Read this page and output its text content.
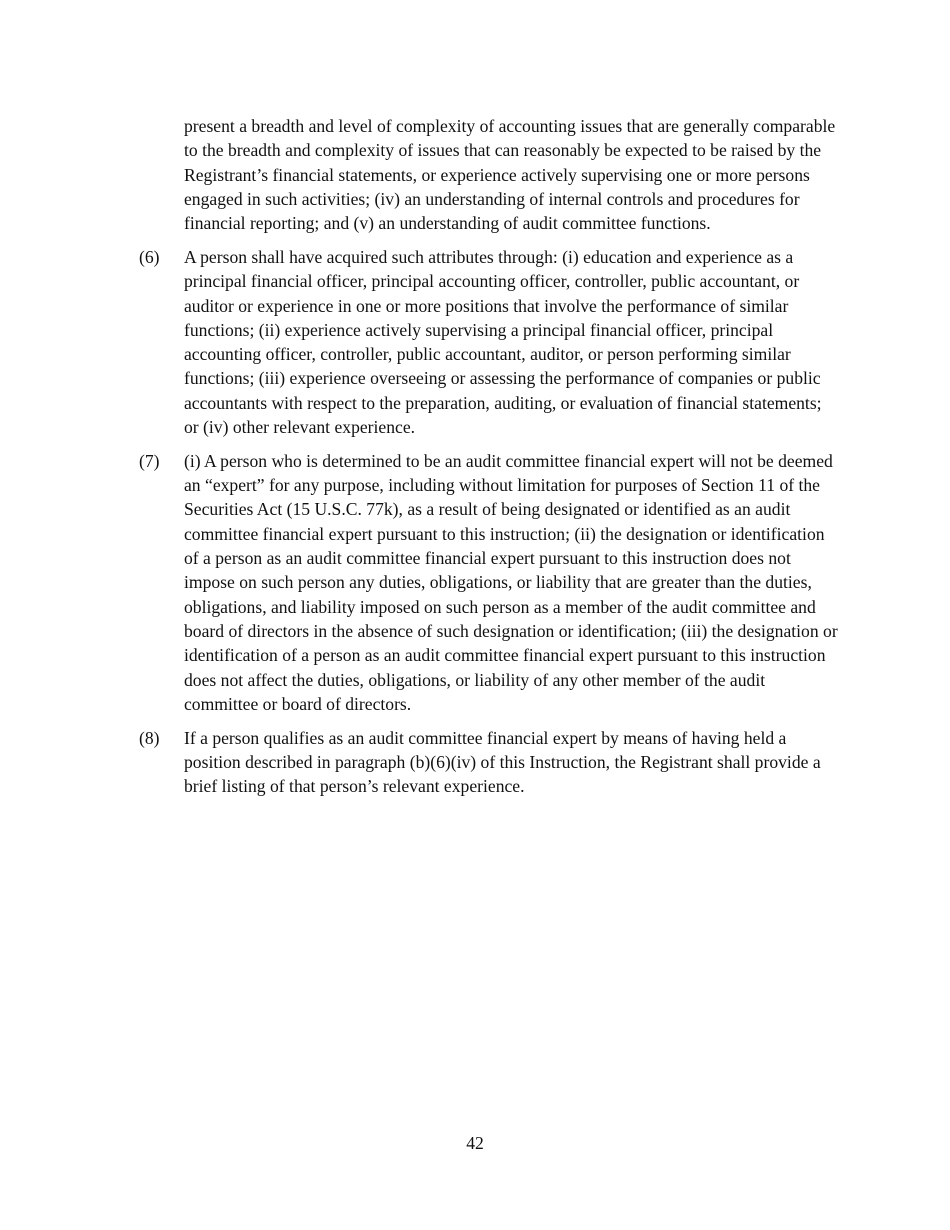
present a breadth and level of complexity of accounting issues that are generally comparable to the breadth and complexity of issues that can reasonably be expected to be raised by the Registrant’s financial statements, or experience actively supervising one or more persons engaged in such activities; (iv) an understanding of internal controls and procedures for financial reporting; and (v) an understanding of audit committee functions.
(6)	A person shall have acquired such attributes through: (i) education and experience as a principal financial officer, principal accounting officer, controller, public accountant, or auditor or experience in one or more positions that involve the performance of similar functions; (ii) experience actively supervising a principal financial officer, principal accounting officer, controller, public accountant, auditor, or person performing similar functions; (iii) experience overseeing or assessing the performance of companies or public accountants with respect to the preparation, auditing, or evaluation of financial statements; or (iv) other relevant experience.
(7)	(i) A person who is determined to be an audit committee financial expert will not be deemed an “expert” for any purpose, including without limitation for purposes of Section 11 of the Securities Act (15 U.S.C. 77k), as a result of being designated or identified as an audit committee financial expert pursuant to this instruction; (ii) the designation or identification of a person as an audit committee financial expert pursuant to this instruction does not impose on such person any duties, obligations, or liability that are greater than the duties, obligations, and liability imposed on such person as a member of the audit committee and board of directors in the absence of such designation or identification; (iii) the designation or identification of a person as an audit committee financial expert pursuant to this instruction does not affect the duties, obligations, or liability of any other member of the audit committee or board of directors.
(8)	If a person qualifies as an audit committee financial expert by means of having held a position described in paragraph (b)(6)(iv) of this Instruction, the Registrant shall provide a brief listing of that person’s relevant experience.
42
